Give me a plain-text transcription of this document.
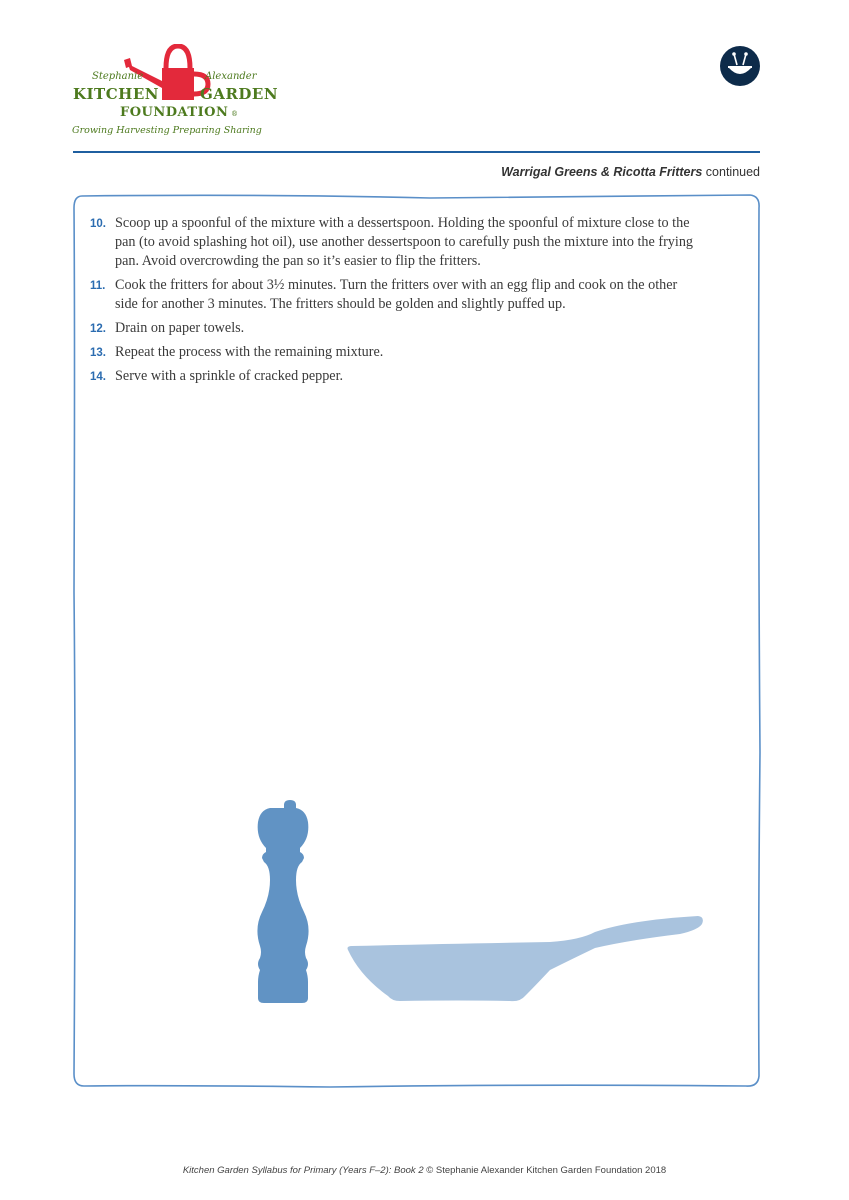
Stephanie	Alexander
KITCHEN	GARDEN
FOUNDATION ®
Growing Harvesting Preparing Sharing
Warrigal Greens & Ricotta Fritters continued
10. Scoop up a spoonful of the mixture with a dessertspoon. Holding the spoonful of mixture close to the pan (to avoid splashing hot oil), use another dessertspoon to carefully push the mixture into the frying pan. Avoid overcrowding the pan so it’s easier to flip the fritters.
11. Cook the fritters for about 3½ minutes. Turn the fritters over with an egg flip and cook on the other side for another 3 minutes. The fritters should be golden and slightly puffed up.
12. Drain on paper towels.
13. Repeat the process with the remaining mixture.
14. Serve with a sprinkle of cracked pepper.
Kitchen Garden Syllabus for Primary (Years F–2): Book 2 © Stephanie Alexander Kitchen Garden Foundation 2018
